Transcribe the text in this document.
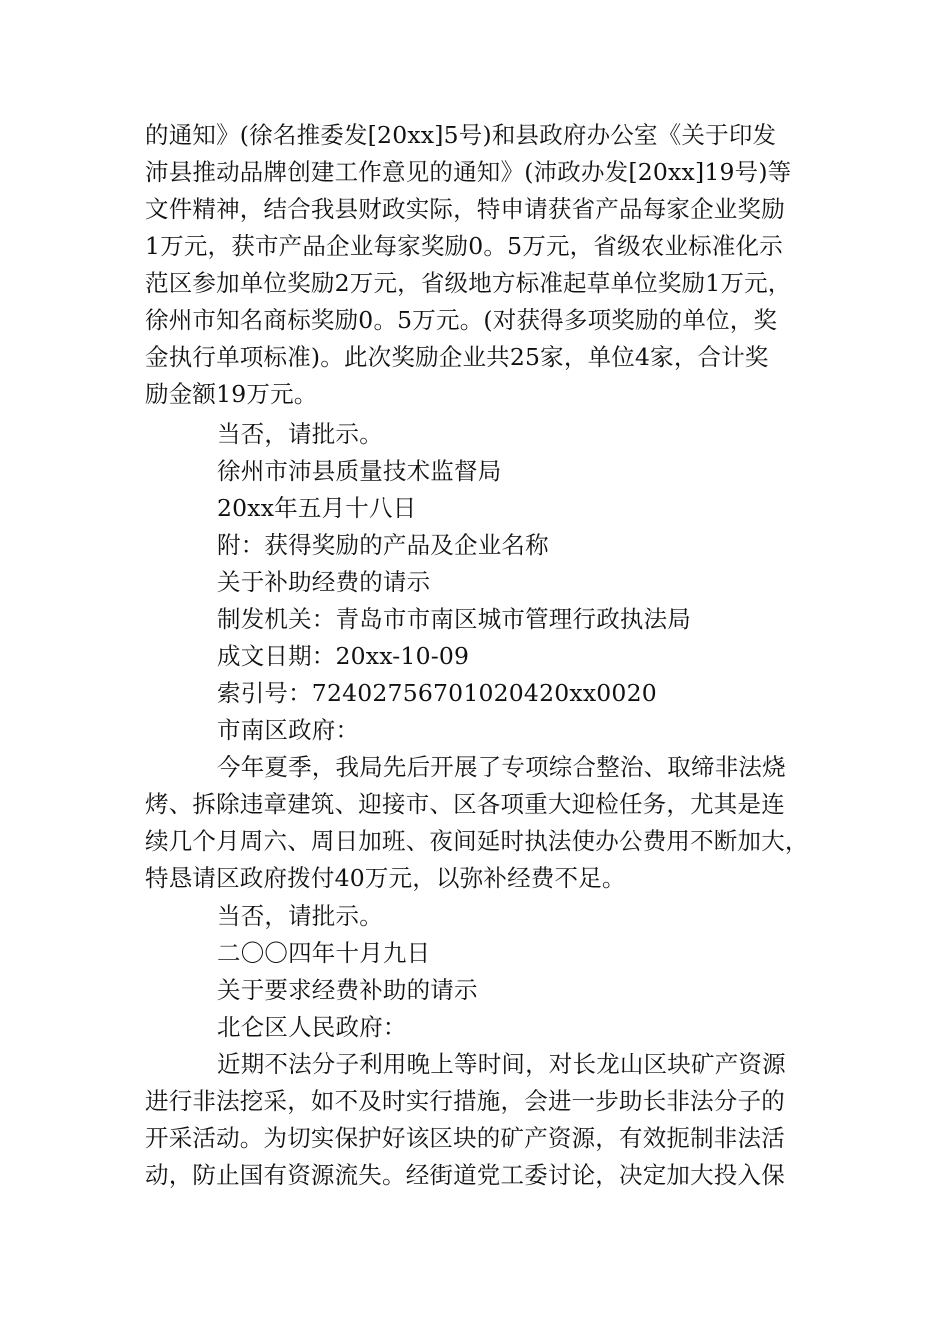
的通知》(徐名推委发[20xx]5号)和县政府办公室《关于印发
沛县推动品牌创建工作意见的通知》(沛政办发[20xx]19号)等
文件精神，结合我县财政实际，特申请获省产品每家企业奖励
1万元，获市产品企业每家奖励0。5万元，省级农业标准化示
范区参加单位奖励2万元，省级地方标准起草单位奖励1万元，
徐州市知名商标奖励0。5万元。(对获得多项奖励的单位，奖
金执行单项标准)。此次奖励企业共25家，单位4家，合计奖
励金额19万元。
当否，请批示。
徐州市沛县质量技术监督局
20xx年五月十八日
附：获得奖励的产品及企业名称
关于补助经费的请示
制发机关：青岛市市南区城市管理行政执法局
成文日期：20xx-10-09
索引号：7240275670102042​0xx0020
市南区政府：
今年夏季，我局先后开展了专项综合整治、取缔非法烧
烤、拆除违章建筑、迎接市、区各项重大迎检任务，尤其是连
续几个月周六、周日加班、夜间延时执法使办公费用不断加大，
特恳请区政府拨付40万元，以弥补经费不足。
当否，请批示。
二〇〇四年十月九日
关于要求经费补助的请示
北仑区人民政府：
近期不法分子利用晚上等时间，对长龙山区块矿产资源
进行非法挖采，如不及时实行措施，会进一步助长非法分子的
开采活动。为切实保护好该区块的矿产资源，有效扼制非法活
动，防止国有资源流失。经街道党工委讨论，决定加大投入保
